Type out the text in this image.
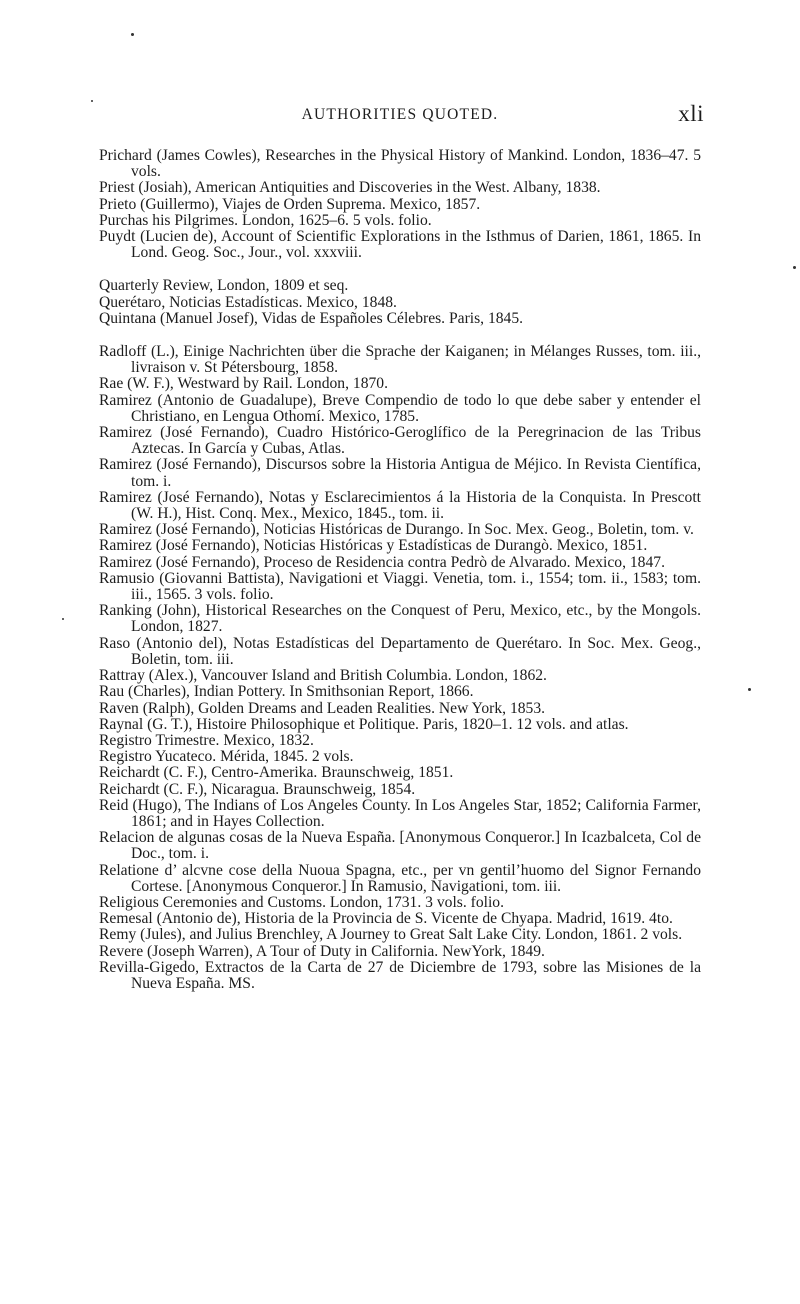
AUTHORITIES QUOTED.	xli
Prichard (James Cowles), Researches in the Physical History of Mankind. London, 1836–47. 5 vols.
Priest (Josiah), American Antiquities and Discoveries in the West. Albany, 1838.
Prieto (Guillermo), Viajes de Orden Suprema. Mexico, 1857.
Purchas his Pilgrimes. London, 1625–6. 5 vols. folio.
Puydt (Lucien de), Account of Scientific Explorations in the Isthmus of Darien, 1861, 1865. In Lond. Geog. Soc., Jour., vol. xxxviii.
Quarterly Review, London, 1809 et seq.
Querétaro, Noticias Estadísticas. Mexico, 1848.
Quintana (Manuel Josef), Vidas de Españoles Célebres. Paris, 1845.
Radloff (L.), Einige Nachrichten über die Sprache der Kaiganen; in Mélanges Russes, tom. iii., livraison v. St Pétersbourg, 1858.
Rae (W. F.), Westward by Rail. London, 1870.
Ramirez (Antonio de Guadalupe), Breve Compendio de todo lo que debe saber y entender el Christiano, en Lengua Othomí. Mexico, 1785.
Ramirez (José Fernando), Cuadro Histórico-Geroglífico de la Peregrinacion de las Tribus Aztecas. In García y Cubas, Atlas.
Ramirez (José Fernando), Discursos sobre la Historia Antigua de Méjico. In Revista Científica, tom. i.
Ramirez (José Fernando), Notas y Esclarecimientos á la Historia de la Conquista. In Prescott (W. H.), Hist. Conq. Mex., Mexico, 1845., tom. ii.
Ramirez (José Fernando), Noticias Históricas de Durango. In Soc. Mex. Geog., Boletin, tom. v.
Ramirez (José Fernando), Noticias Históricas y Estadísticas de Durangò. Mexico, 1851.
Ramirez (José Fernando), Proceso de Residencia contra Pedrò de Alvarado. Mexico, 1847.
Ramusio (Giovanni Battista), Navigationi et Viaggi. Venetia, tom. i., 1554; tom. ii., 1583; tom. iii., 1565. 3 vols. folio.
Ranking (John), Historical Researches on the Conquest of Peru, Mexico, etc., by the Mongols. London, 1827.
Raso (Antonio del), Notas Estadísticas del Departamento de Querétaro. In Soc. Mex. Geog., Boletin, tom. iii.
Rattray (Alex.), Vancouver Island and British Columbia. London, 1862.
Rau (Charles), Indian Pottery. In Smithsonian Report, 1866.
Raven (Ralph), Golden Dreams and Leaden Realities. New York, 1853.
Raynal (G. T.), Histoire Philosophique et Politique. Paris, 1820–1. 12 vols. and atlas.
Registro Trimestre. Mexico, 1832.
Registro Yucateco. Mérida, 1845. 2 vols.
Reichardt (C. F.), Centro-Amerika. Braunschweig, 1851.
Reichardt (C. F.), Nicaragua. Braunschweig, 1854.
Reid (Hugo), The Indians of Los Angeles County. In Los Angeles Star, 1852; California Farmer, 1861; and in Hayes Collection.
Relacion de algunas cosas de la Nueva España. [Anonymous Conqueror.] In Icazbalceta, Col de Doc., tom. i.
Relatione d’ alcvne cose della Nuoua Spagna, etc., per vn gentil’huomo del Signor Fernando Cortese. [Anonymous Conqueror.] In Ramusio, Navigationi, tom. iii.
Religious Ceremonies and Customs. London, 1731. 3 vols. folio.
Remesal (Antonio de), Historia de la Provincia de S. Vicente de Chyapa. Madrid, 1619. 4to.
Remy (Jules), and Julius Brenchley, A Journey to Great Salt Lake City. London, 1861. 2 vols.
Revere (Joseph Warren), A Tour of Duty in California. NewYork, 1849.
Revilla-Gigedo, Extractos de la Carta de 27 de Diciembre de 1793, sobre las Misiones de la Nueva España. MS.
